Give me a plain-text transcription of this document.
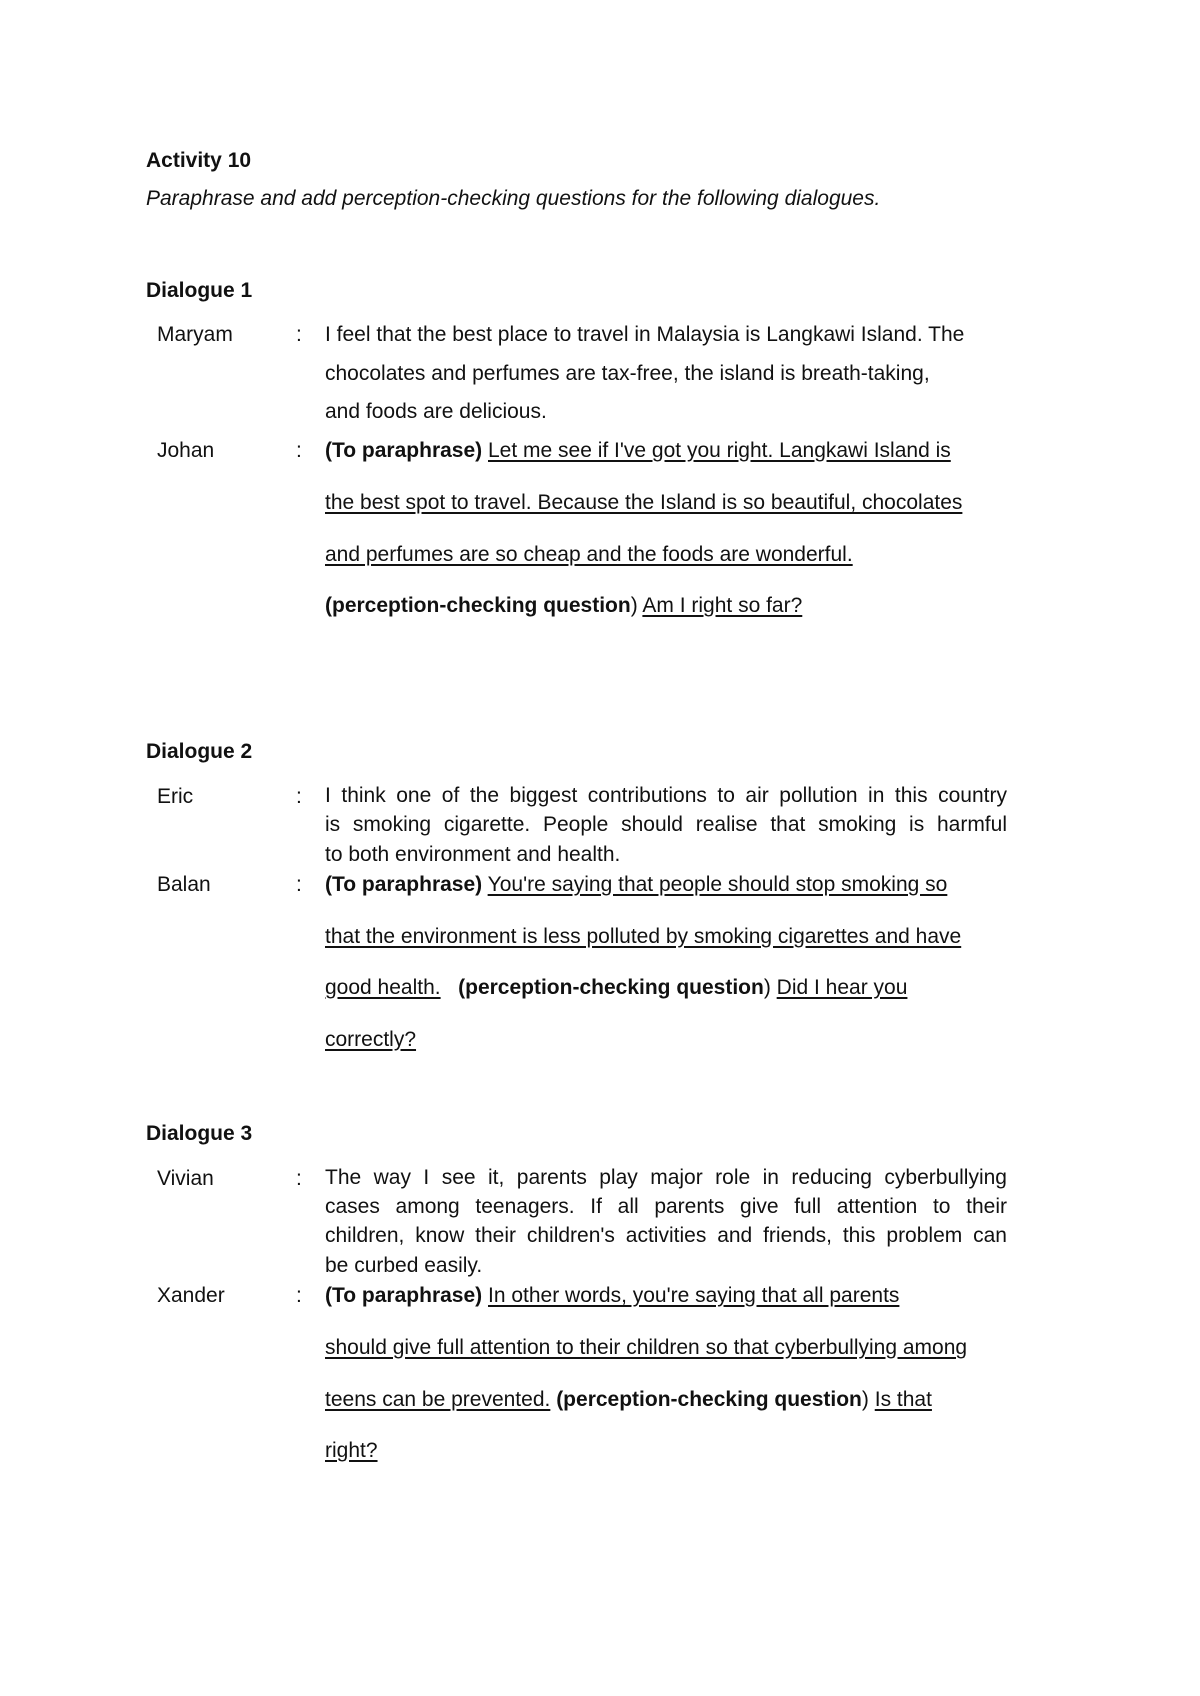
Activity 10
Paraphrase and add perception-checking questions for the following dialogues.
Dialogue 1
Maryam	: I feel that the best place to travel in Malaysia is Langkawi Island. The
chocolates and perfumes are tax-free, the island is breath-taking,
and foods are delicious.
Johan	: (To paraphrase) Let me see if I've got you right. Langkawi Island is
the best spot to travel. Because the Island is so beautiful, chocolates
and perfumes are so cheap and the foods are wonderful.
(perception-checking question) Am I right so far?
Dialogue 2
Eric	: I think one of the biggest contributions to air pollution in this country
is smoking cigarette. People should realise that smoking is harmful
to both environment and health.
Balan	: (To paraphrase) You're saying that people should stop smoking so
that the environment is less polluted by smoking cigarettes and have
good health. (perception-checking question) Did I hear you
correctly?
Dialogue 3
Vivian	: The way I see it, parents play major role in reducing cyberbullying
cases among teenagers. If all parents give full attention to their
children, know their children's activities and friends, this problem can
be curbed easily.
Xander	: (To paraphrase) In other words, you're saying that all parents
should give full attention to their children so that cyberbullying among
teens can be prevented. (perception-checking question) Is that
right?
